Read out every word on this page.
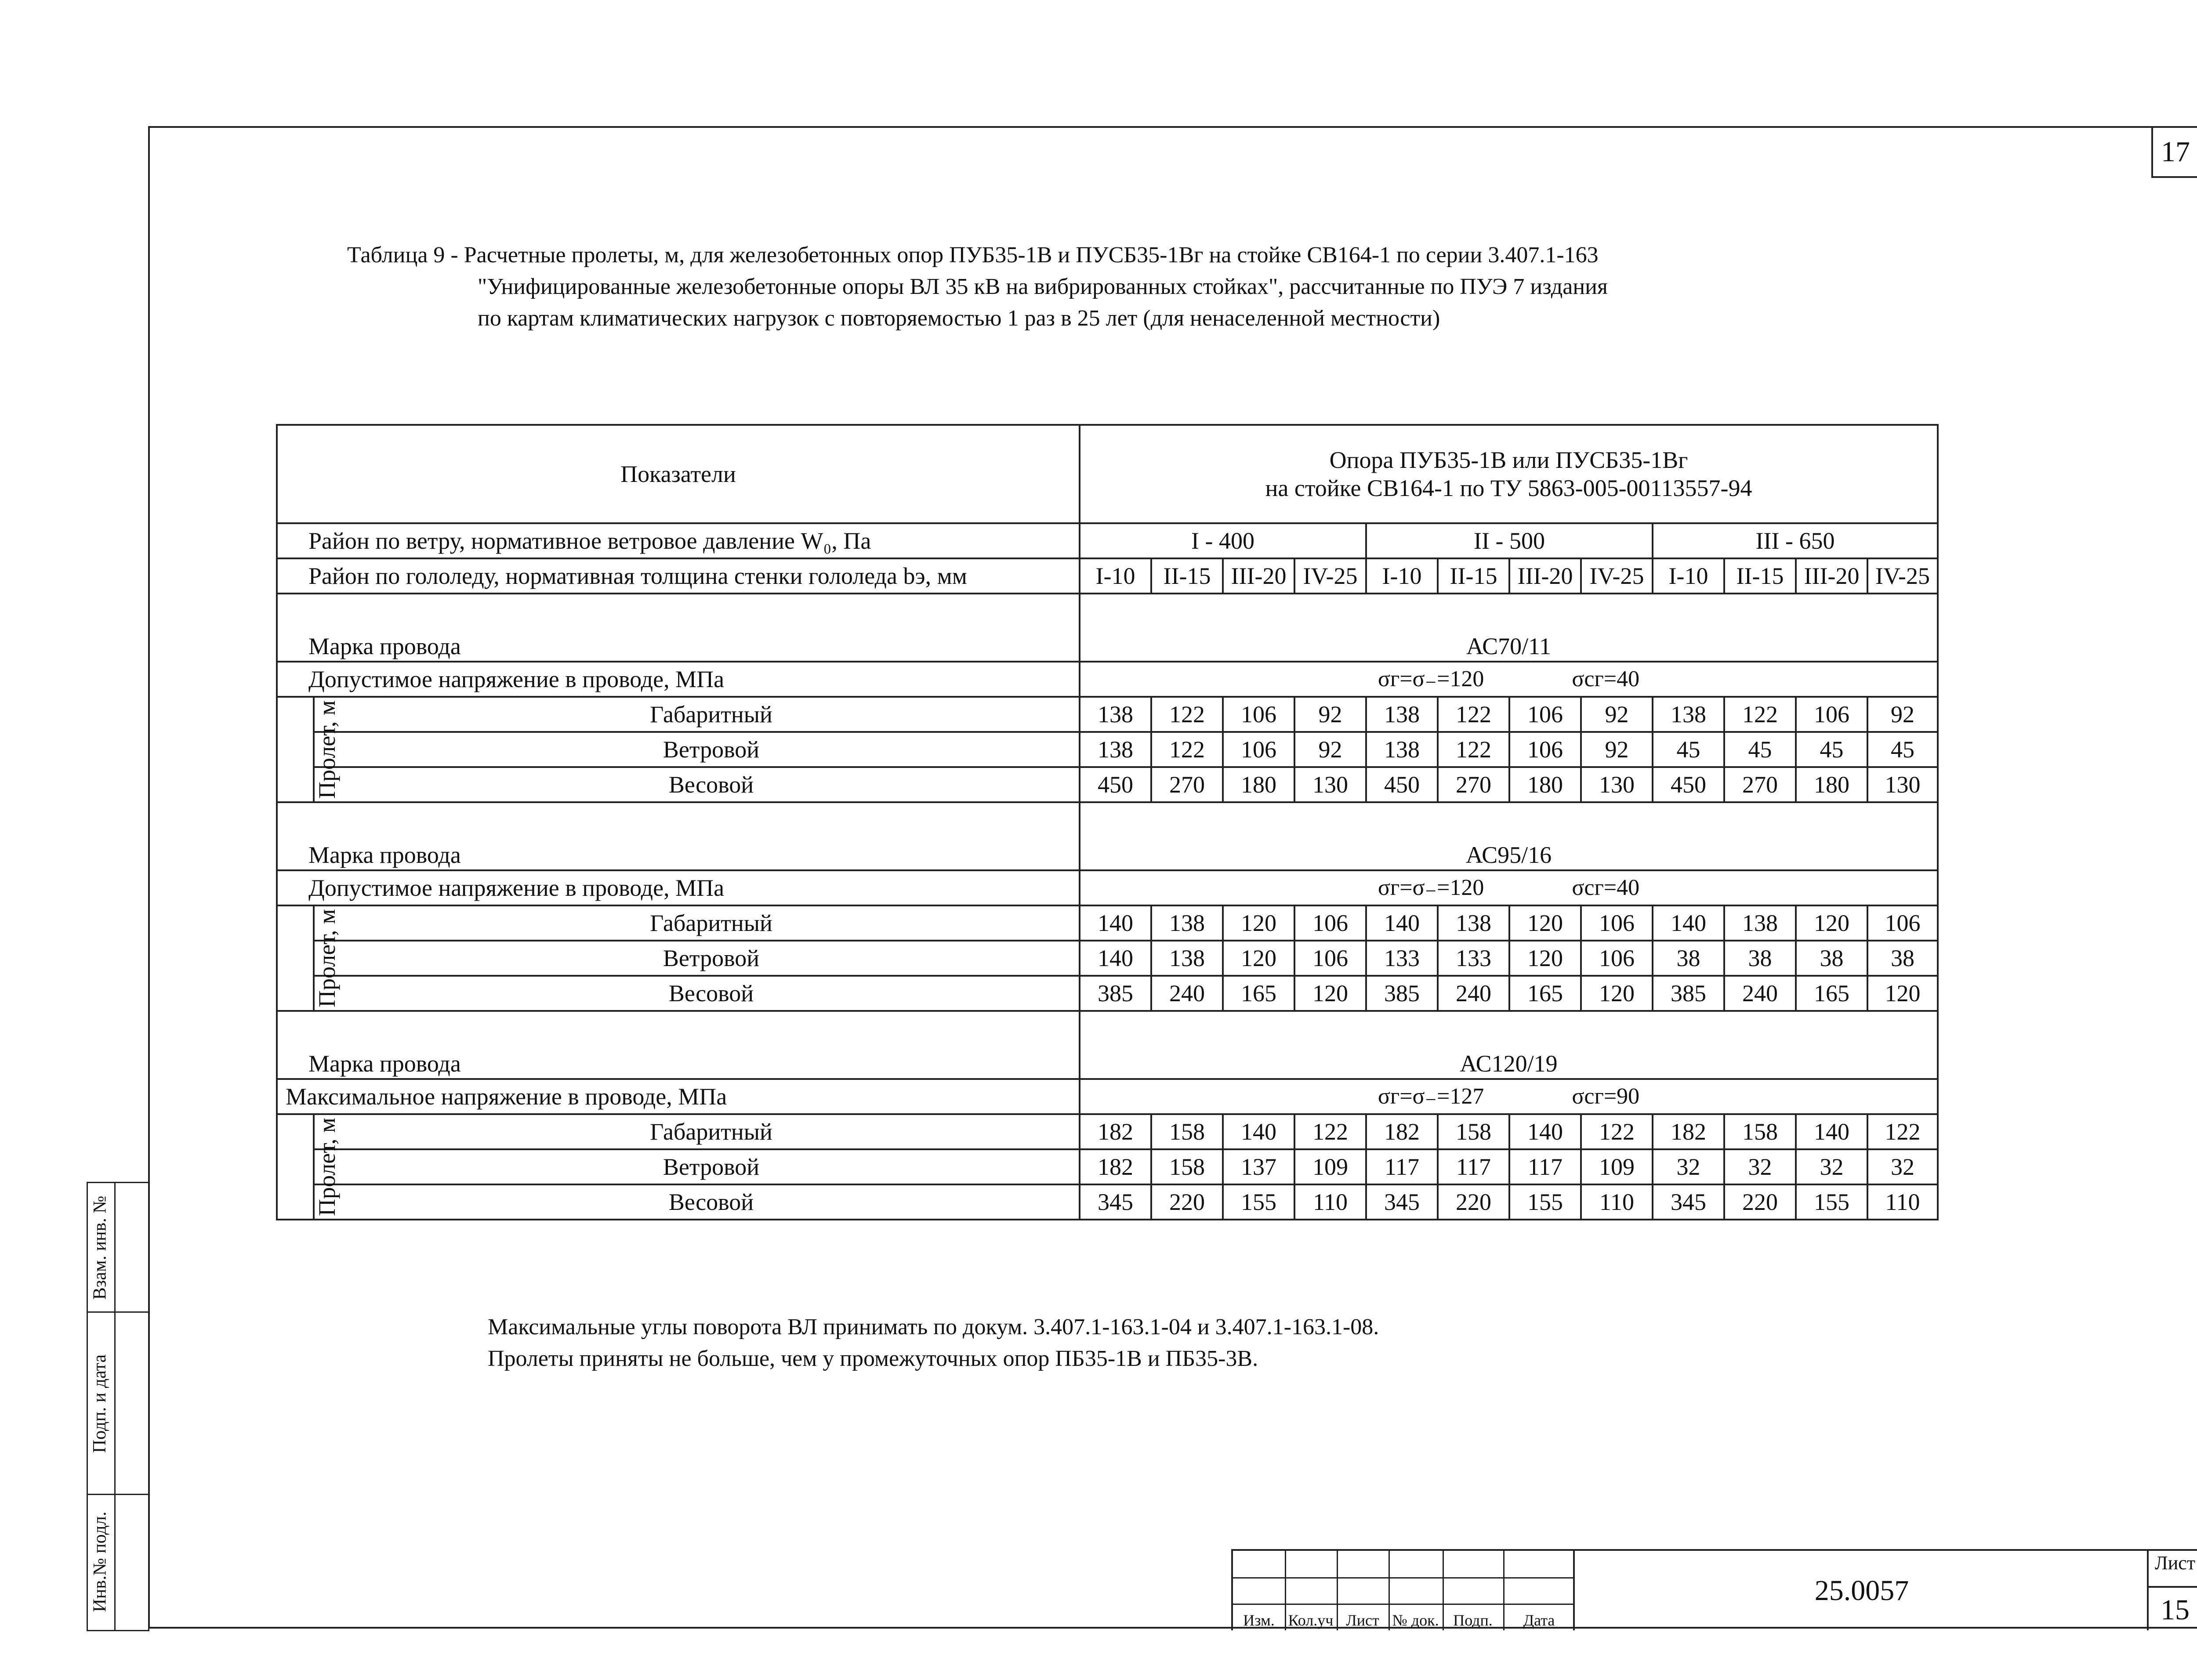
17
Таблица 9 - Расчетные пролеты, м, для железобетонных опор ПУБ35-1В и ПУСБ35-1Вг на стойке СВ164-1 по серии 3.407.1-163
"Унифицированные железобетонные опоры ВЛ 35 кВ на вибрированных стойках", рассчитанные по ПУЭ 7 издания
по картам климатических нагрузок с повторяемостью 1 раз в 25 лет (для ненаселенной местности)
Показатели		Опора ПУБ35-1В или ПУСБ35-1Вг
на стойке СВ164-1 по ТУ 5863-005-00113557-94											

Район по ветру, нормативное ветровое давление W₀, Па		I - 400				II - 500				III - 650			
Район по гололеду, нормативная толщина стенки гололеда bэ, мм		I-10	II-15	III-20	IV-25	I-10	II-15	III-20	IV-25	I-10	II-15	III-20	IV-25
Марка провода		АС70/11											
Допустимое напряжение в проводе, МПа		σг=σ₋=120 σсг=40											
Пролет, м	Габаритный	138	122	106	92	138	122	106	92	138	122	106	92
	Ветровой	138	122	106	92	138	122	106	92	45	45	45	45
	Весовой	450	270	180	130	450	270	180	130	450	270	180	130
Марка провода		АС95/16											
Допустимое напряжение в проводе, МПа		σг=σ₋=120 σсг=40											
Пролет, м	Габаритный	140	138	120	106	140	138	120	106	140	138	120	106
	Ветровой	140	138	120	106	133	133	120	106	38	38	38	38
	Весовой	385	240	165	120	385	240	165	120	385	240	165	120
Марка провода		АС120/19											
Максимальное напряжение в проводе, МПа		σг=σ₋=127 σсг=90											
Пролет, м	Габаритный	182	158	140	122	182	158	140	122	182	158	140	122
	Ветровой	182	158	137	109	117	117	117	109	32	32	32	32
	Весовой	345	220	155	110	345	220	155	110	345	220	155	110
Максимальные углы поворота ВЛ принимать по докум. 3.407.1-163.1-04 и 3.407.1-163.1-08.
Пролеты приняты не больше, чем у промежуточных опор ПБ35-1В и ПБ35-3В.
Инв.№ подл.
Подп. и дата
Взам. инв. №
Изм. Кол.уч Лист № док. Подп.	Дата
25.0057
Лист
15
